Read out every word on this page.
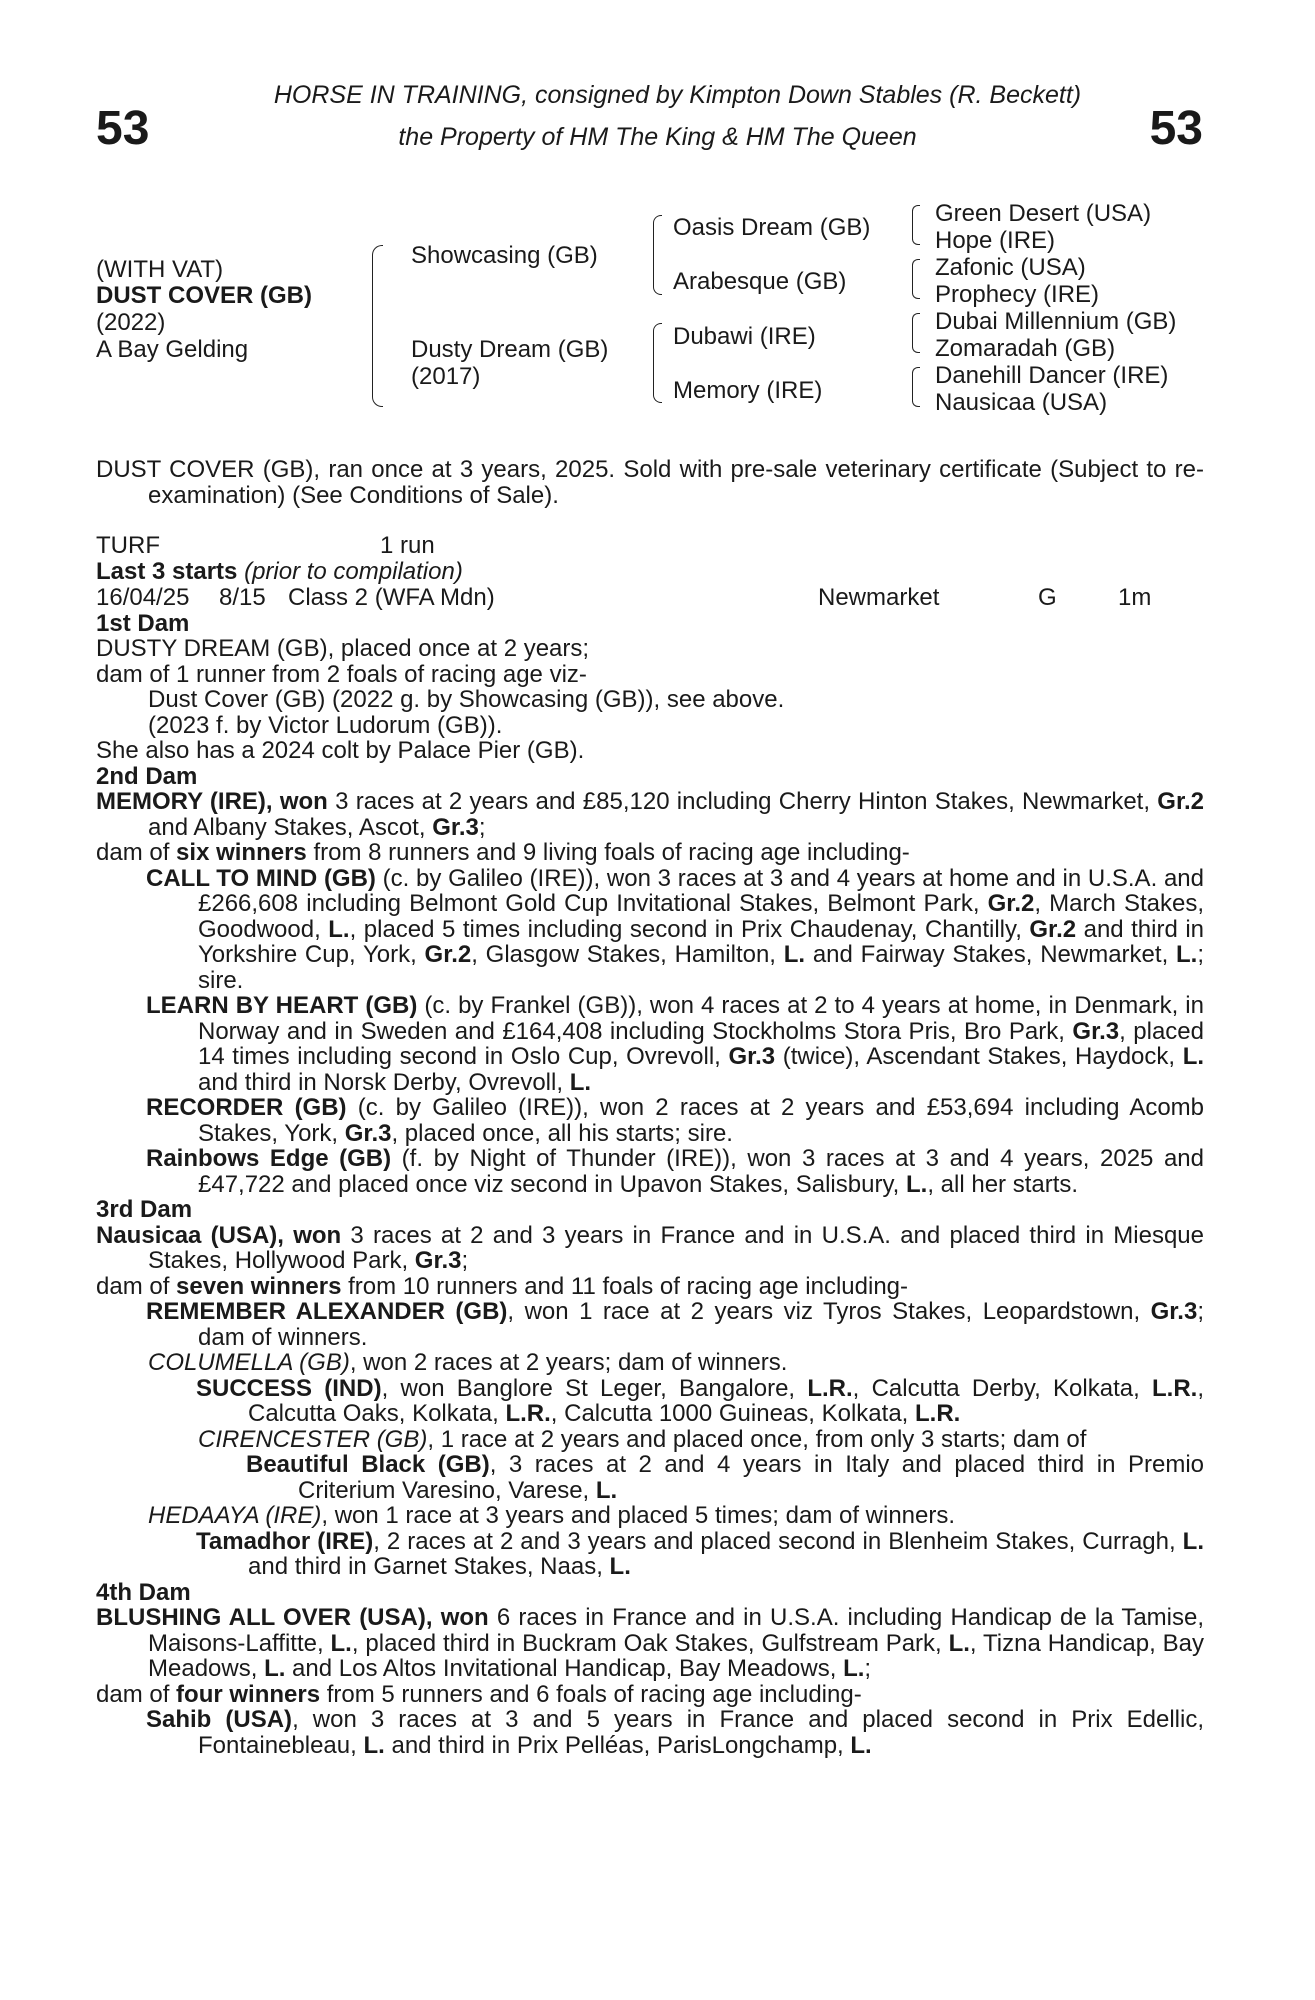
HORSE IN TRAINING, consigned by Kimpton Down Stables (R. Beckett)
the Property of HM The King & HM The Queen
53	53
(WITH VAT)
DUST COVER (GB)
(2022)
A Bay Gelding
Showcasing (GB)
Dusty Dream (GB)
(2017)
Oasis Dream (GB)
Arabesque (GB)
Dubawi (IRE)
Memory (IRE)
Green Desert (USA)
Hope (IRE)
Zafonic (USA)
Prophecy (IRE)
Dubai Millennium (GB)
Zomaradah (GB)
Danehill Dancer (IRE)
Nausicaa (USA)

DUST COVER (GB), ran once at 3 years, 2025. Sold with pre-sale veterinary certificate (Subject to re-examination) (See Conditions of Sale).

TURF	1 run

Last 3 starts (prior to compilation)

16/04/25 8/15 Class 2 (WFA Mdn)	Newmarket	G	1m

1st Dam

DUSTY DREAM (GB), placed once at 2 years;

dam of 1 runner from 2 foals of racing age viz-

Dust Cover (GB) (2022 g. by Showcasing (GB)), see above.

(2023 f. by Victor Ludorum (GB)).

She also has a 2024 colt by Palace Pier (GB).

2nd Dam

MEMORY (IRE), won 3 races at 2 years and £85,120 including Cherry Hinton Stakes, Newmarket, Gr.2 and Albany Stakes, Ascot, Gr.3;

dam of six winners from 8 runners and 9 living foals of racing age including-

CALL TO MIND (GB) (c. by Galileo (IRE)), won 3 races at 3 and 4 years at home and in U.S.A. and £266,608 including Belmont Gold Cup Invitational Stakes, Belmont Park, Gr.2, March Stakes, Goodwood, L., placed 5 times including second in Prix Chaudenay, Chantilly, Gr.2 and third in Yorkshire Cup, York, Gr.2, Glasgow Stakes, Hamilton, L. and Fairway Stakes, Newmarket, L.; sire.

LEARN BY HEART (GB) (c. by Frankel (GB)), won 4 races at 2 to 4 years at home, in Denmark, in Norway and in Sweden and £164,408 including Stockholms Stora Pris, Bro Park, Gr.3, placed 14 times including second in Oslo Cup, Ovrevoll, Gr.3 (twice), Ascendant Stakes, Haydock, L. and third in Norsk Derby, Ovrevoll, L.

RECORDER (GB) (c. by Galileo (IRE)), won 2 races at 2 years and £53,694 including Acomb Stakes, York, Gr.3, placed once, all his starts; sire.

Rainbows Edge (GB) (f. by Night of Thunder (IRE)), won 3 races at 3 and 4 years, 2025 and £47,722 and placed once viz second in Upavon Stakes, Salisbury, L., all her starts.

3rd Dam

Nausicaa (USA), won 3 races at 2 and 3 years in France and in U.S.A. and placed third in Miesque Stakes, Hollywood Park, Gr.3;

dam of seven winners from 10 runners and 11 foals of racing age including-

REMEMBER ALEXANDER (GB), won 1 race at 2 years viz Tyros Stakes, Leopardstown, Gr.3; dam of winners.

COLUMELLA (GB), won 2 races at 2 years; dam of winners.

SUCCESS (IND), won Banglore St Leger, Bangalore, L.R., Calcutta Derby, Kolkata, L.R., Calcutta Oaks, Kolkata, L.R., Calcutta 1000 Guineas, Kolkata, L.R.

CIRENCESTER (GB), 1 race at 2 years and placed once, from only 3 starts; dam of

Beautiful Black (GB), 3 races at 2 and 4 years in Italy and placed third in Premio Criterium Varesino, Varese, L.

HEDAAYA (IRE), won 1 race at 3 years and placed 5 times; dam of winners.

Tamadhor (IRE), 2 races at 2 and 3 years and placed second in Blenheim Stakes, Curragh, L. and third in Garnet Stakes, Naas, L.

4th Dam

BLUSHING ALL OVER (USA), won 6 races in France and in U.S.A. including Handicap de la Tamise, Maisons-Laffitte, L., placed third in Buckram Oak Stakes, Gulfstream Park, L., Tizna Handicap, Bay Meadows, L. and Los Altos Invitational Handicap, Bay Meadows, L.;

dam of four winners from 5 runners and 6 foals of racing age including-

Sahib (USA), won 3 races at 3 and 5 years in France and placed second in Prix Edellic, Fontainebleau, L. and third in Prix Pelléas, ParisLongchamp, L.
